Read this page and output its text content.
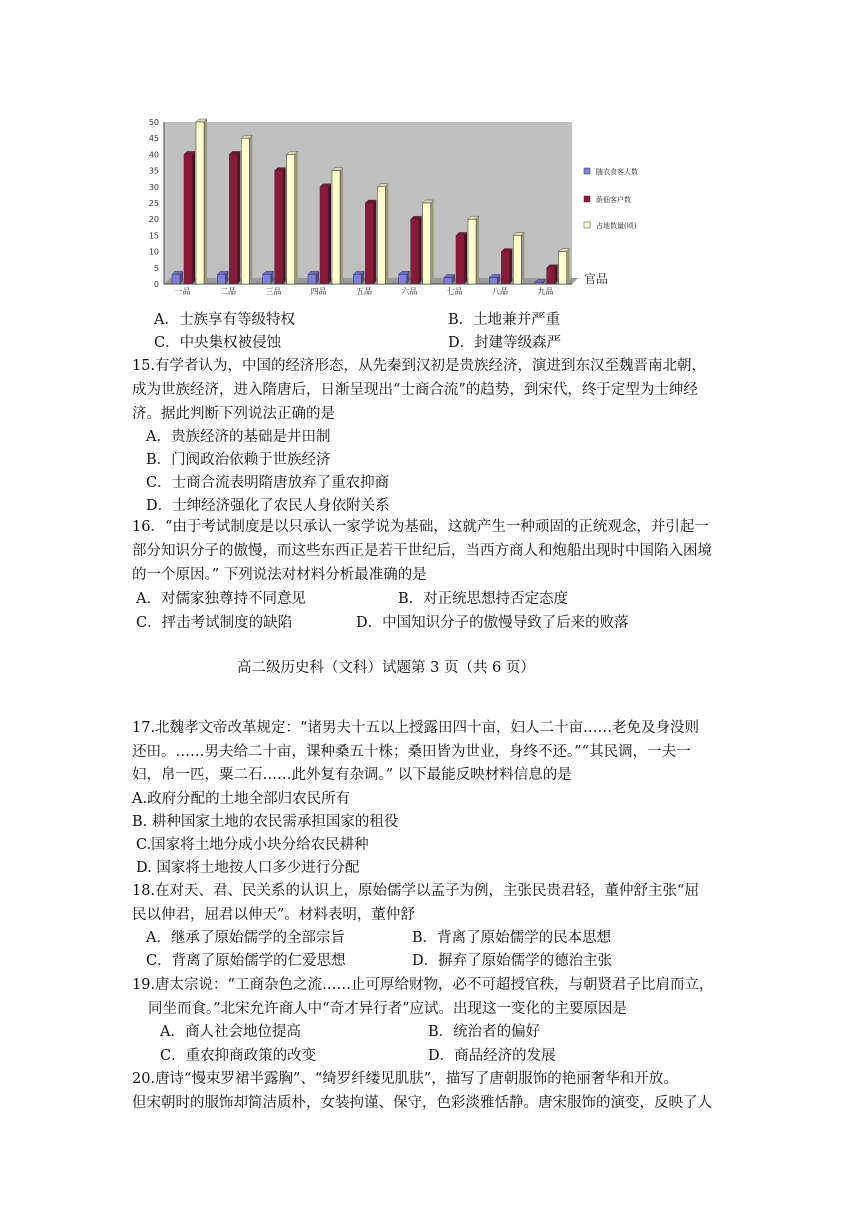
0
5
10
15
20
25
30
35
40
45
50
一品	二品	三品	四品	五品	六品	七品	八品	九品
官品
随衣食客人数
荫佃客户数
占地数量(顷)
A．士族享有等级特权	B．土地兼并严重
C．中央集权被侵蚀	D．封建等级森严
15.有学者认为，中国的经济形态，从先秦到汉初是贵族经济，演进到东汉至魏晋南北朝，
成为世族经济，进入隋唐后，日渐呈现出“士商合流”的趋势，到宋代，终于定型为士绅经
济。据此判断下列说法正确的是
A．贵族经济的基础是井田制
B．门阀政治依赖于世族经济
C．士商合流表明隋唐放弃了重农抑商
D．士绅经济强化了农民人身依附关系
16．“由于考试制度是以只承认一家学说为基础，这就产生一种顽固的正统观念，并引起一
部分知识分子的傲慢，而这些东西正是若干世纪后，当西方商人和炮船出现时中国陷入困境
的一个原因。” 下列说法对材料分析最准确的是
A．对儒家独尊持不同意见	B．对正统思想持否定态度
C．抨击考试制度的缺陷	D．中国知识分子的傲慢导致了后来的败落
高二级历史科（文科）试题第 3 页（共 6 页）
17.北魏孝文帝改革规定：“诸男夫十五以上授露田四十亩，妇人二十亩……老免及身没则
还田。……男夫给二十亩，课种桑五十株；桑田皆为世业，身终不还。”“其民调，一夫一
妇，帛一匹，粟二石……此外复有杂调。” 以下最能反映材料信息的是
A.政府分配的土地全部归农民所有
B. 耕种国家土地的农民需承担国家的租役
C.国家将土地分成小块分给农民耕种
D. 国家将土地按人口多少进行分配
18.在对天、君、民关系的认识上，原始儒学以孟子为例，主张民贵君轻，董仲舒主张“屈
民以伸君，屈君以伸天”。材料表明，董仲舒
A．继承了原始儒学的全部宗旨	B．背离了原始儒学的民本思想
C．背离了原始儒学的仁爱思想	D．摒弃了原始儒学的德治主张
19.唐太宗说：“工商杂色之流……止可厚给财物，必不可超授官秩，与朝贤君子比肩而立，
同坐而食。”北宋允许商人中“奇才异行者”应试。出现这一变化的主要原因是
A．商人社会地位提高	B．统治者的偏好
C．重农抑商政策的改变	D．商品经济的发展
20.唐诗“慢束罗裙半露胸”、“绮罗纤缕见肌肤”，描写了唐朝服饰的艳丽奢华和开放。
但宋朝时的服饰却简洁质朴，女装拘谨、保守，色彩淡雅恬静。唐宋服饰的演变，反映了人
